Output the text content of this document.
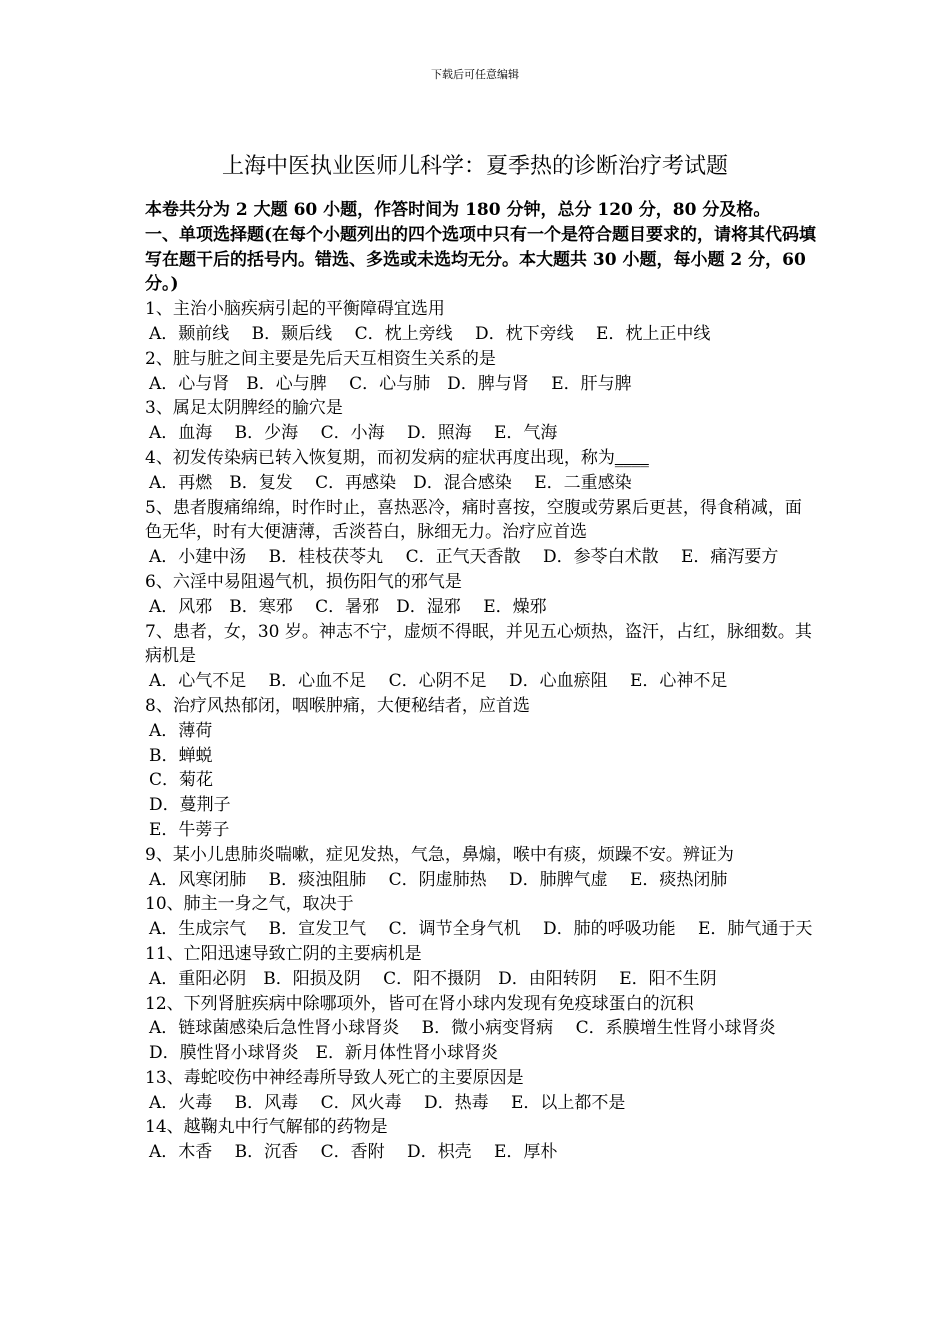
下载后可任意编辑
上海中医执业医师儿科学：夏季热的诊断治疗考试题

本卷共分为 2 大题 60 小题，作答时间为 180 分钟，总分 120 分，80 分及格。

一、单项选择题(在每个小题列出的四个选项中只有一个是符合题目要求的，请将其代码填写在题干后的括号内。错选、多选或未选均无分。本大题共 30 小题，每小题 2 分，60 分。)

1、主治小脑疾病引起的平衡障碍宜选用

A．颞前线　 B．颞后线　 C．枕上旁线　 D．枕下旁线　 E．枕上正中线

2、脏与脏之间主要是先后天互相资生关系的是

A．心与肾　B．心与脾　 C．心与肺　D．脾与肾　 E．肝与脾

3、属足太阴脾经的腧穴是

A．血海　 B．少海　 C．小海　 D．照海　 E．气海

4、初发传染病已转入恢复期，而初发病的症状再度出现，称为____

A．再燃　B．复发　 C．再感染　D．混合感染　 E．二重感染

5、患者腹痛绵绵，时作时止，喜热恶冷，痛时喜按，空腹或劳累后更甚，得食稍减，面色无华，时有大便溏薄，舌淡苔白，脉细无力。治疗应首选

A．小建中汤　 B．桂枝茯苓丸　 C．正气天香散　 D．参苓白术散　 E．痛泻要方

6、六淫中易阻遏气机，损伤阳气的邪气是

A．风邪　B．寒邪　 C．暑邪　D．湿邪　 E．燥邪

7、患者，女，30 岁。神志不宁，虚烦不得眠，并见五心烦热，盗汗，占红，脉细数。其病机是

A．心气不足　 B．心血不足　 C．心阴不足　 D．心血瘀阻　 E．心神不足

8、治疗风热郁闭，咽喉肿痛，大便秘结者，应首选

A．薄荷

B．蝉蜕

C．菊花

D．蔓荆子

E．牛蒡子

9、某小儿患肺炎喘嗽，症见发热，气急，鼻煽，喉中有痰，烦躁不安。辨证为

A．风寒闭肺　 B．痰浊阻肺　 C．阴虚肺热　 D．肺脾气虚　 E．痰热闭肺

10、肺主一身之气，取决于

A．生成宗气　 B．宣发卫气　 C．调节全身气机　 D．肺的呼吸功能　 E．肺气通于天

11、亡阳迅速导致亡阴的主要病机是

A．重阳必阴　B．阳损及阴　 C．阳不摄阴　D．由阳转阴　 E．阳不生阴

12、下列肾脏疾病中除哪项外，皆可在肾小球内发现有免疫球蛋白的沉积

A．链球菌感染后急性肾小球肾炎　 B．微小病变肾病　 C．系膜增生性肾小球肾炎　D．膜性肾小球肾炎　E．新月体性肾小球肾炎

13、毒蛇咬伤中神经毒所导致人死亡的主要原因是

A．火毒　 B．风毒　 C．风火毒　 D．热毒　 E．以上都不是

14、越鞠丸中行气解郁的药物是

A．木香　 B．沉香　 C．香附　 D．枳壳　 E．厚朴
